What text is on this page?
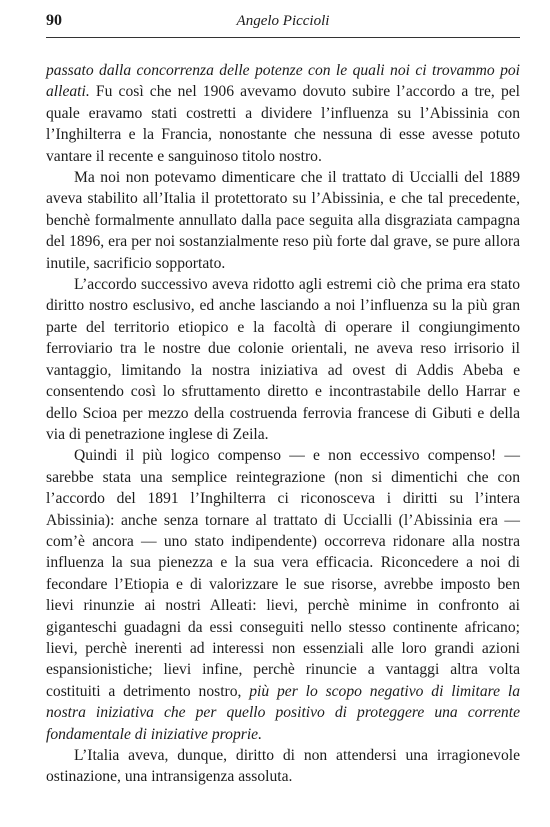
90	Angelo Piccioli

passato dalla concorrenza delle potenze con le quali noi ci trovammo poi alleati. Fu così che nel 1906 avevamo dovuto subire l’accordo a tre, pel quale eravamo stati costretti a dividere l’influenza su l’Abissinia con l’Inghilterra e la Francia, nonostante che nessuna di esse avesse potuto vantare il recente e sanguinoso titolo nostro.

Ma noi non potevamo dimenticare che il trattato di Uccialli del 1889 aveva stabilito all’Italia il protettorato su l’Abissinia, e che tal precedente, benchè formalmente annullato dalla pace seguita alla disgraziata campagna del 1896, era per noi sostanzialmente reso più forte dal grave, se pure allora inutile, sacrificio sopportato.

L’accordo successivo aveva ridotto agli estremi ciò che prima era stato diritto nostro esclusivo, ed anche lasciando a noi l’influenza su la più gran parte del territorio etiopico e la facoltà di operare il congiungimento ferroviario tra le nostre due colonie orientali, ne aveva reso irrisorio il vantaggio, limitando la nostra iniziativa ad ovest di Addis Abeba e consentendo così lo sfruttamento diretto e incontrastabile dello Harrar e dello Scioa per mezzo della costruenda ferrovia francese di Gibuti e della via di penetrazione inglese di Zeila.

Quindi il più logico compenso — e non eccessivo compenso! — sarebbe stata una semplice reintegrazione (non si dimentichi che con l’accordo del 1891 l’Inghilterra ci riconosceva i diritti su l’intera Abissinia): anche senza tornare al trattato di Uccialli (l’Abissinia era — com’è ancora — uno stato indipendente) occorreva ridonare alla nostra influenza la sua pienezza e la sua vera efficacia. Riconcedere a noi di fecondare l’Etiopia e di valorizzare le sue risorse, avrebbe imposto ben lievi rinunzie ai nostri Alleati: lievi, perchè minime in confronto ai giganteschi guadagni da essi conseguiti nello stesso continente africano; lievi, perchè inerenti ad interessi non essenziali alle loro grandi azioni espansionistiche; lievi infine, perchè rinuncie a vantaggi altra volta costituiti a detrimento nostro, più per lo scopo negativo di limitare la nostra iniziativa che per quello positivo di proteggere una corrente fondamentale di iniziative proprie.

L’Italia aveva, dunque, diritto di non attendersi una irragionevole ostinazione, una intransigenza assoluta.
